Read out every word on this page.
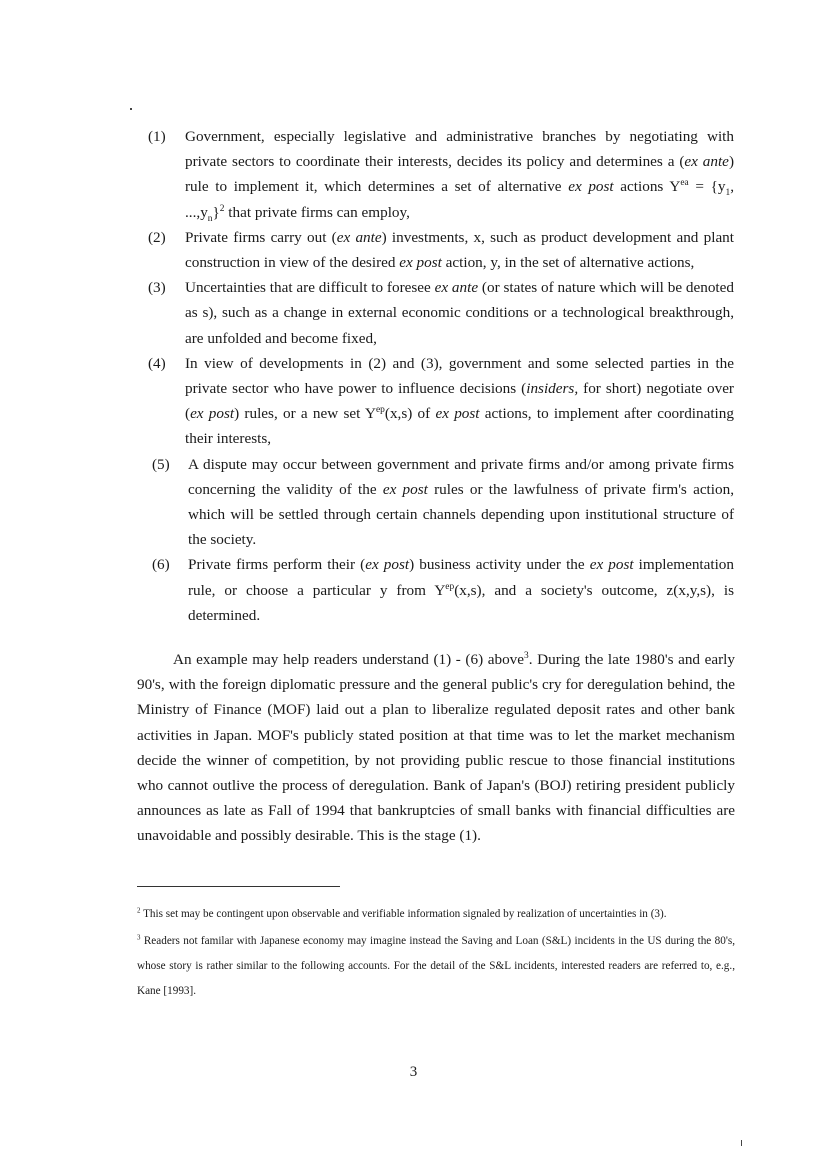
(1) Government, especially legislative and administrative branches by negotiating with private sectors to coordinate their interests, decides its policy and determines a (ex ante) rule to implement it, which determines a set of alternative ex post actions $Y^{ea} = \{y_1$, $...,y_n\}^2$ that private firms can employ,
(2) Private firms carry out (ex ante) investments, x, such as product development and plant construction in view of the desired ex post action, y, in the set of alternative actions,
(3) Uncertainties that are difficult to foresee ex ante (or states of nature which will be denoted as s), such as a change in external economic conditions or a technological breakthrough, are unfolded and become fixed,
(4) In view of developments in (2) and (3), government and some selected parties in the private sector who have power to influence decisions (insiders, for short) negotiate over (ex post) rules, or a new set $Y^{ep}(x,s)$ of ex post actions, to implement after coordinating their interests,
(5) A dispute may occur between government and private firms and/or among private firms concerning the validity of the ex post rules or the lawfulness of private firm's action, which will be settled through certain channels depending upon institutional structure of the society.
(6) Private firms perform their (ex post) business activity under the ex post implementation rule, or choose a particular y from $Y^{ep}(x,s)$, and a society's outcome, z(x,y,s), is determined.
An example may help readers understand (1) - (6) above$^3$. During the late 1980's and early 90's, with the foreign diplomatic pressure and the general public's cry for deregulation behind, the Ministry of Finance (MOF) laid out a plan to liberalize regulated deposit rates and other bank activities in Japan. MOF's publicly stated position at that time was to let the market mechanism decide the winner of competition, by not providing public rescue to those financial institutions who cannot outlive the process of deregulation. Bank of Japan's (BOJ) retiring president publicly announces as late as Fall of 1994 that bankruptcies of small banks with financial difficulties are unavoidable and possibly desirable. This is the stage (1).
$^2$ This set may be contingent upon observable and verifiable information signaled by realization of uncertainties in (3).
$^3$ Readers not familar with Japanese economy may imagine instead the Saving and Loan (S&L) incidents in the US during the 80's, whose story is rather similar to the following accounts. For the detail of the S&L incidents, interested readers are referred to, e.g., Kane [1993].
3
